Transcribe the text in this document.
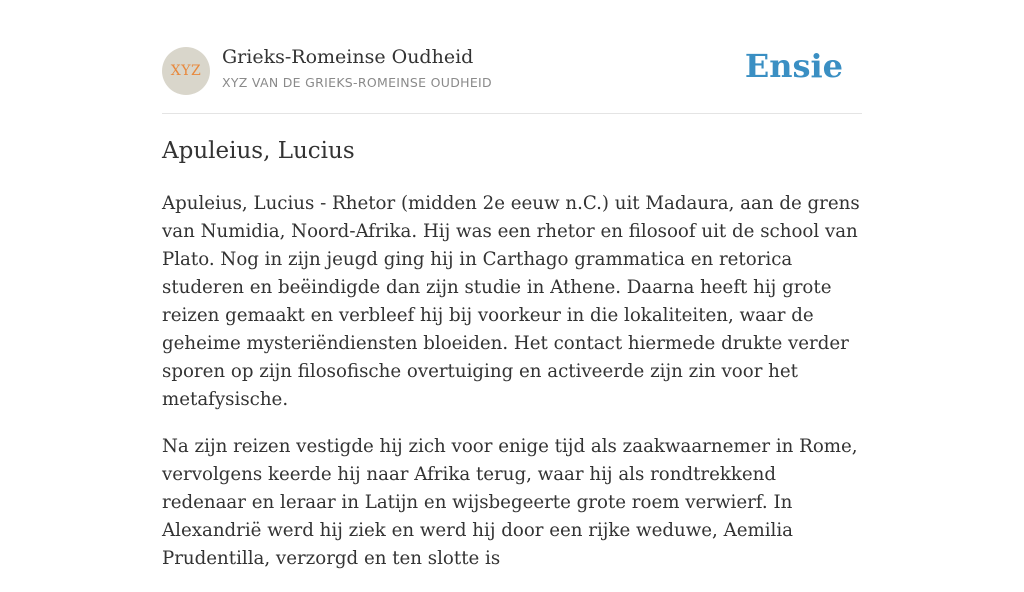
XYZ
Grieks-Romeinse Oudheid
XYZ VAN DE GRIEKS-ROMEINSE OUDHEID	Ensie
Apuleius, Lucius

Apuleius, Lucius - Rhetor (midden 2e eeuw n.C.) uit Madaura, aan de grens van Numidia, Noord-Afrika. Hij was een rhetor en filosoof uit de school van Plato. Nog in zijn jeugd ging hij in Carthago grammatica en retorica studeren en beëindigde dan zijn studie in Athene. Daarna heeft hij grote reizen gemaakt en verbleef hij bij voorkeur in die lokaliteiten, waar de geheime mysteriëndiensten bloeiden. Het contact hiermede drukte verder sporen op zijn filosofische overtuiging en activeerde zijn zin voor het metafysische.

Na zijn reizen vestigde hij zich voor enige tijd als zaakwaarnemer in Rome, vervolgens keerde hij naar Afrika terug, waar hij als rondtrekkend redenaar en leraar in Latijn en wijsbegeerte grote roem verwierf. In Alexandrië werd hij ziek en werd hij door een rijke weduwe, Aemilia Prudentilla, verzorgd en ten slotte is
